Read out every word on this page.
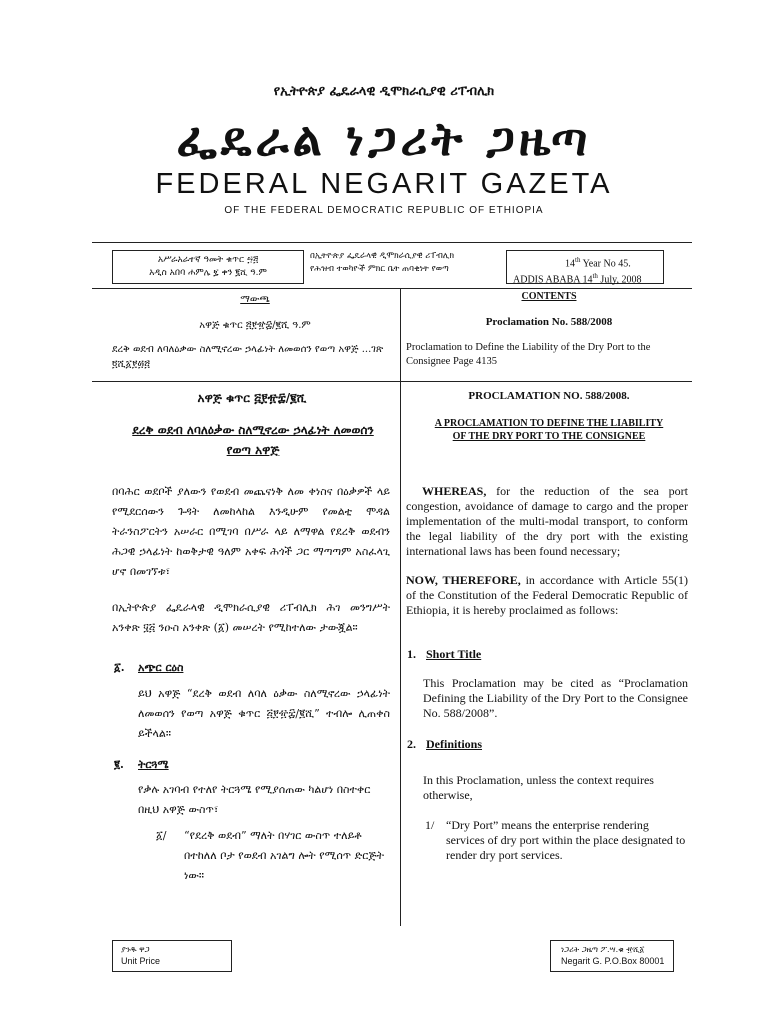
የኢትዮጵያ ፌዴራላዊ ዲሞክራሲያዊ ሪፐብሊክ
ፌዴራል ነጋሪት ጋዜጣ
FEDERAL NEGARIT GAZETA
OF THE FEDERAL DEMOCRATIC REPUBLIC OF ETHIOPIA
አሥራአራተኛ ዓመት ቁጥር ፵፭
አዲስ አበባ ሐምሌ ፯ ቀን ፪ሺ ዓ.ም
በኢትዮጵያ ፌዴራላዊ ዲሞክራሲያዊ ሪፐብሊክ
የሕዝብ ተወካዮች ምክር ቤት ጠባቂነት የወጣ	14th Year No 45.
ADDIS ABABA 14th July, 2008
ማውጫ
አዋጅ ቁጥር ፭፻፹፰/፪ሺ ዓ.ም
ደረቅ ወደብ ለባለዕቃው ስለሚኖረው ኃላፊነት ለመወሰን የወጣ አዋጅ ...ገጽ ፬ሺ፩፻፴፭
CONTENTS
Proclamation No. 588/2008
Proclamation to Define the Liability of the Dry Port to the Consignee Page 4135
አዋጅ ቁጥር ፭፻፹፰/፪ሺ
ደረቅ ወደብ ለባለዕቃው ስለሚኖረው ኃላፊነት ለመወሰን የወጣ አዋጅ
በባሕር ወደቦች ያለውን የወደብ መጨናነቅ ለመ ቀነስና በዕቃዎች ላይ የሚደርሰውን ጉዳት ለመከላከል እንዲሁም የመልቲ ሞዳል ትራንስፖርትን አሠራር በሚገባ በሥራ ላይ ለማዋል የደረቅ ወደብን ሕጋዊ ኃላፊነት ከወቅታዊ ዓለም አቀፍ ሕጎች ጋር ማጣጣም አስፈላጊ ሆኖ በመገኘቱ፣
በኢትዮጵያ ፌዴራላዊ ዲሞክራሲያዊ ሪፐብሊክ ሕገ መንግሥት አንቀጽ ፶፭ ንዑስ አንቀጽ (፩) መሠረት የሚከተለው ታውጇል።
፩.	አጭር ርዕስ
ይህ አዋጅ “ደረቅ ወደብ ለባለ ዕቃው ስለሚኖረው ኃላፊነት ለመወሰን የወጣ አዋጅ ቁጥር ፭፻፹፰/፪ሺ” ተብሎ ሊጠቀስ ይችላል።
፪.	ትርጓሜ
የቃሉ አገባብ የተለየ ትርጓሜ የሚያሰጠው ካልሆነ በስተቀር በዚህ አዋጅ ውስጥ፣
፩/	“የደረቅ ወደብ” ማለት በሃገር ውስጥ ተለይቶ በተከለለ ቦታ የወደብ አገልግ ሎት የሚሰጥ ድርጅት ነው።
PROCLAMATION NO. 588/2008.
A PROCLAMATION TO DEFINE THE LIABILITY
OF THE DRY PORT TO THE CONSIGNEE
WHEREAS, for the reduction of the sea port congestion, avoidance of damage to cargo and the proper implementation of the multi-modal transport, to conform the legal liability of the dry port with the existing international laws has been found necessary;
NOW, THEREFORE, in accordance with Article 55(1) of the Constitution of the Federal Democratic Republic of Ethiopia, it is hereby proclaimed as follows:
1. Short Title
This Proclamation may be cited as “Proclamation Defining the Liability of the Dry Port to the Consignee No. 588/2008”.
2. Definitions
In this Proclamation, unless the context requires otherwise,
1/ “Dry Port” means the enterprise rendering services of dry port within the place designated to render dry port services.
ያንዱ ዋጋ
Unit Price
ነጋሪት ጋዜጣ ፖ.ሣ.ቁ ፹ሺ፩
Negarit G. P.O.Box 80001
